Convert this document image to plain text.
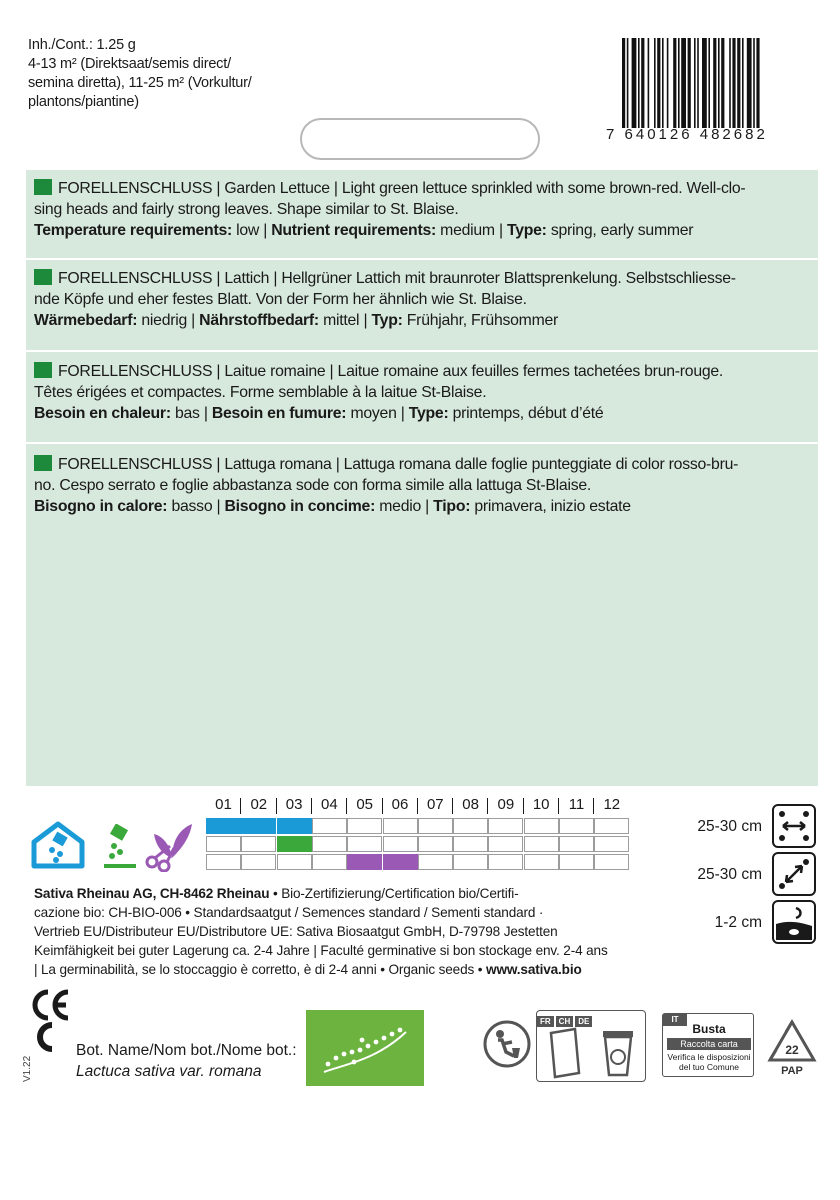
Inh./Cont.: 1.25 g
4-13 m² (Direktsaat/semis direct/
semina diretta), 11-25 m² (Vorkultur/
plantons/piantine)
7 640126 482682
FORELLENSCHLUSS | Garden Lettuce | Light green lettuce sprinkled with some brown-red. Well-clo-
sing heads and fairly strong leaves. Shape similar to St. Blaise.
Temperature requirements: low | Nutrient requirements: medium | Type: spring, early summer
FORELLENSCHLUSS | Lattich | Hellgrüner Lattich mit braunroter Blattsprenkelung. Selbstschliesse-
nde Köpfe und eher festes Blatt. Von der Form her ähnlich wie St. Blaise.
Wärmebedarf: niedrig | Nährstoffbedarf: mittel | Typ: Frühjahr, Frühsommer
FORELLENSCHLUSS | Laitue romaine | Laitue romaine aux feuilles fermes tachetées brun-rouge.
Têtes érigées et compactes. Forme semblable à la laitue St-Blaise.
Besoin en chaleur: bas | Besoin en fumure: moyen | Type: printemps, début d’été
FORELLENSCHLUSS | Lattuga romana | Lattuga romana dalle foglie punteggiate di color rosso-bru-
no. Cespo serrato e foglie abbastanza sode con forma simile alla lattuga St-Blaise.
Bisogno in calore: basso | Bisogno in concime: medio | Tipo: primavera, inizio estate
01	02	03	04	05	06	07	08	09	10	11	12
25-30 cm
25-30 cm
1-2 cm
Sativa Rheinau AG, CH-8462 Rheinau • Bio-Zertifizierung/Certification bio/Certifi-
cazione bio: CH-BIO-006 • Standardsaatgut / Semences standard / Sementi standard ·
Vertrieb EU/Distributeur EU/Distributore UE: Sativa Biosaatgut GmbH, D-79798 Jestetten
Keimfähigkeit bei guter Lagerung ca. 2-4 Jahre | Faculté germinative si bon stockage env. 2-4 ans
| La germinabilità, se lo stoccaggio è corretto, è di 2-4 anni • Organic seeds • www.sativa.bio
V1.22
Bot. Name/Nom bot./Nome bot.:
Lactuca sativa var. romana
FR CH DE	IT
Busta
Raccolta carta
Verifica le disposizioni
del tuo Comune
22
PAP
